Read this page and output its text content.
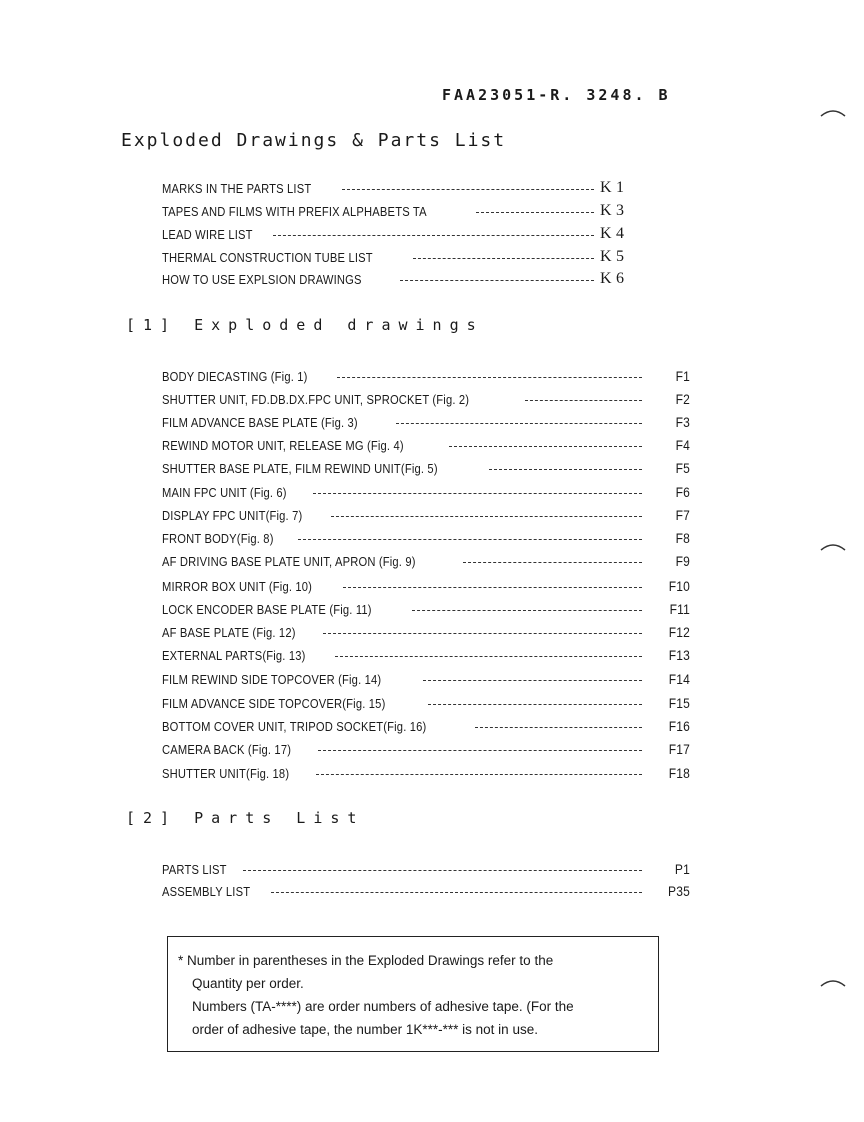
FAA23051-R. 3248. B
Exploded Drawings & Parts List
MARKS IN THE PARTS LIST	K 1
TAPES AND FILMS WITH PREFIX ALPHABETS TA	K 3
LEAD WIRE LIST	K 4
THERMAL CONSTRUCTION TUBE LIST	K 5
HOW TO USE EXPLSION DRAWINGS	K 6
[1] Exploded drawings
BODY DIECASTING (Fig. 1)	F1
SHUTTER UNIT, FD.DB.DX.FPC UNIT, SPROCKET (Fig. 2)	F2
FILM ADVANCE BASE PLATE (Fig. 3)	F3
REWIND MOTOR UNIT, RELEASE MG (Fig. 4)	F4
SHUTTER BASE PLATE, FILM REWIND UNIT(Fig. 5)	F5
MAIN FPC UNIT (Fig. 6)	F6
DISPLAY FPC UNIT(Fig. 7)	F7
FRONT BODY(Fig. 8)	F8
AF DRIVING BASE PLATE UNIT, APRON (Fig. 9)	F9
MIRROR BOX UNIT (Fig. 10)	F10
LOCK ENCODER BASE PLATE (Fig. 11)	F11
AF BASE PLATE (Fig. 12)	F12
EXTERNAL PARTS(Fig. 13)	F13
FILM REWIND SIDE TOPCOVER (Fig. 14)	F14
FILM ADVANCE SIDE TOPCOVER(Fig. 15)	F15
BOTTOM COVER UNIT, TRIPOD SOCKET(Fig. 16)	F16
CAMERA BACK (Fig. 17)	F17
SHUTTER UNIT(Fig. 18)	F18
[2] Parts List
PARTS LIST	P1
ASSEMBLY LIST	P35
* Number in parentheses in the Exploded Drawings refer to the
Quantity per order.
Numbers (TA-****) are order numbers of adhesive tape. (For the
order of adhesive tape, the number 1K***-*** is not in use.
